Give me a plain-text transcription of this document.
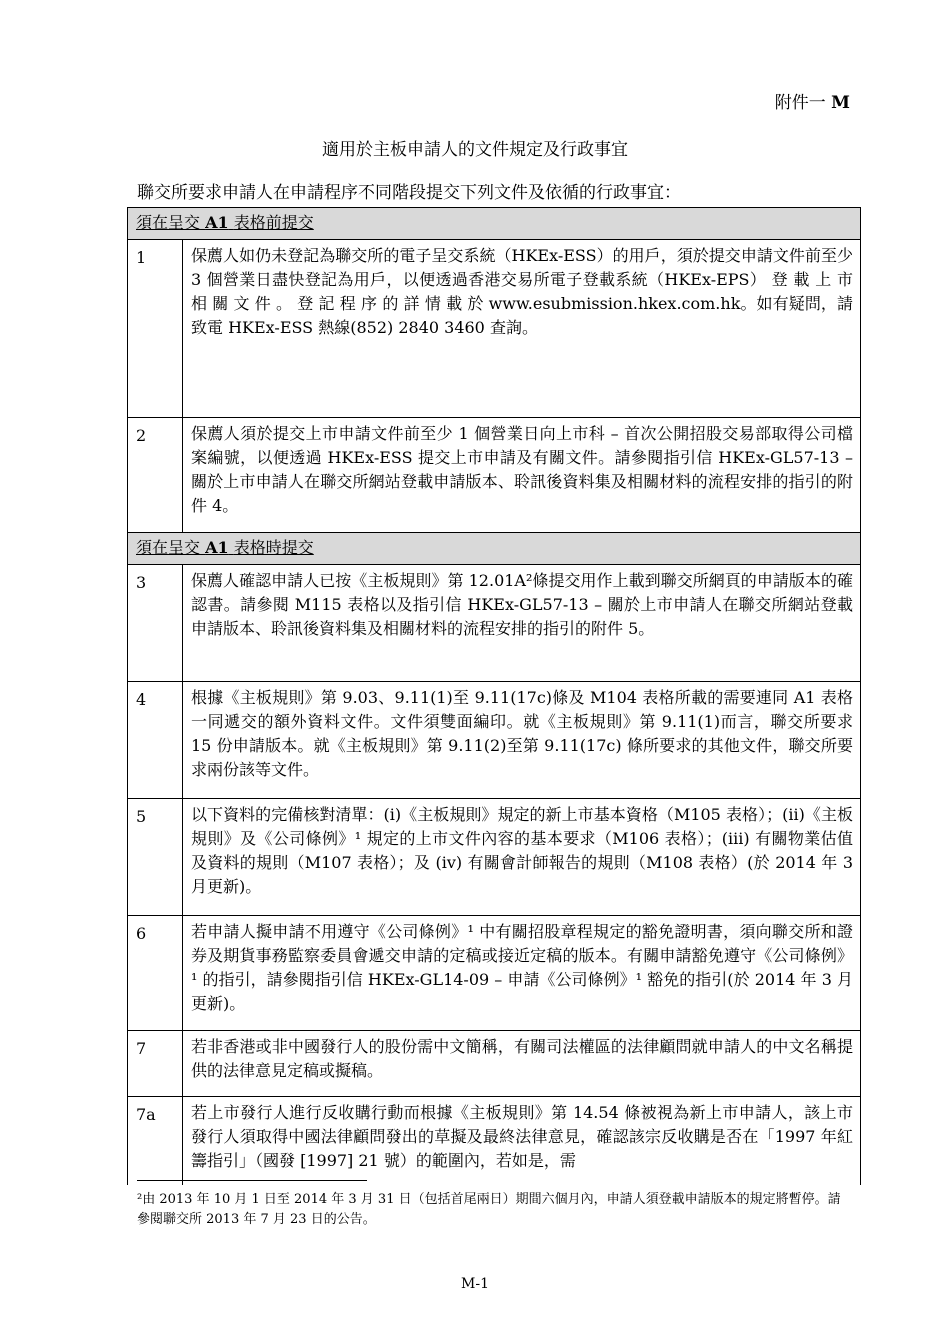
附件一 M
適用於主板申請人的文件規定及行政事宜
聯交所要求申請人在申請程序不同階段提交下列文件及依循的行政事宜：
須在呈交 A1 表格前提交	
1	保薦人如仍未登記為聯交所的電子呈交系統（HKEx-ESS）的用戶，須於提交申請文件前至少 3 個營業日盡快登記為用戶，以便透過香港交易所電子登載系統（HKEx-EPS） 登 載 上 市 相 關 文 件 。 登 記 程 序 的 詳 情 載 於 www.esubmission.hkex.com.hk。如有疑問，請致電 HKEx-ESS 熱線(852) 2840 3460 查詢。
2	保薦人須於提交上市申請文件前至少 1 個營業日向上市科 – 首次公開招股交易部取得公司檔案編號，以便透過 HKEx-ESS 提交上市申請及有關文件。請參閱指引信 HKEx-GL57-13 – 關於上市申請人在聯交所網站登載申請版本、聆訊後資料集及相關材料的流程安排的指引的附件 4。
須在呈交 A1 表格時提交	
3	保薦人確認申請人已按《主板規則》第 12.01A²條提交用作上載到聯交所網頁的申請版本的確認書。請參閱 M115 表格以及指引信 HKEx-GL57-13 – 關於上市申請人在聯交所網站登載申請版本、聆訊後資料集及相關材料的流程安排的指引的附件 5。
4	根據《主板規則》第 9.03、9.11(1)至 9.11(17c)條及 M104 表格所載的需要連同 A1 表格一同遞交的額外資料文件。文件須雙面編印。就《主板規則》第 9.11(1)而言，聯交所要求 15 份申請版本。就《主板規則》第 9.11(2)至第 9.11(17c) 條所要求的其他文件，聯交所要求兩份該等文件。
5	以下資料的完備核對清單：(i)《主板規則》規定的新上市基本資格（M105 表格）；(ii)《主板規則》及《公司條例》¹ 規定的上市文件內容的基本要求（M106 表格）；(iii) 有關物業估值及資料的規則（M107 表格）；及 (iv) 有關會計師報告的規則（M108 表格）(於 2014 年 3 月更新)。
6	若申請人擬申請不用遵守《公司條例》¹ 中有關招股章程規定的豁免證明書，須向聯交所和證券及期貨事務監察委員會遞交申請的定稿或接近定稿的版本。有關申請豁免遵守《公司條例》¹ 的指引，請參閱指引信 HKEx-GL14-09 – 申請《公司條例》¹ 豁免的指引(於 2014 年 3 月更新)。
7	若非香港或非中國發行人的股份需中文簡稱，有關司法權區的法律顧問就申請人的中文名稱提供的法律意見定稿或擬稿。
7a	若上市發行人進行反收購行動而根據《主板規則》第 14.54 條被視為新上市申請人，該上市發行人須取得中國法律顧問發出的草擬及最終法律意見，確認該宗反收購是否在「1997 年紅籌指引」（國發 [1997] 21 號）的範圍內，若如是，需
²由 2013 年 10 月 1 日至 2014 年 3 月 31 日（包括首尾兩日）期間六個月內，申請人須登載申請版本的規定將暫停。請參閱聯交所 2013 年 7 月 23 日的公告。
M-1
